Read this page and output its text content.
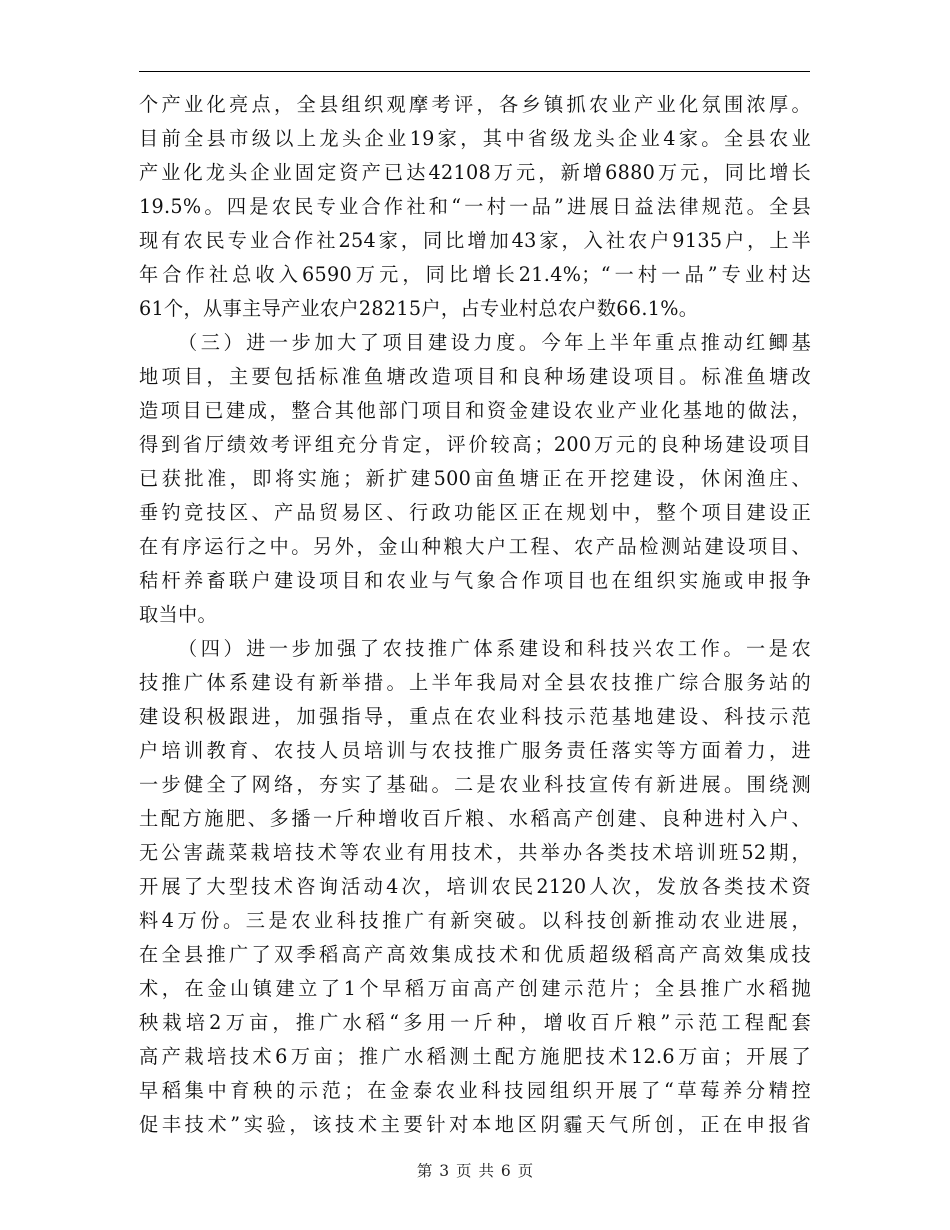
个产业化亮点，全县组织观摩考评，各乡镇抓农业产业化氛围浓厚。
目前全县市级以上龙头企业19家，其中省级龙头企业4家。全县农业
产业化龙头企业固定资产已达42108万元，新增6880万元，同比增长
19.5%。四是农民专业合作社和“一村一品”进展日益法律规范。全县
现有农民专业合作社254家，同比增加43家，入社农户9135户，上半
年合作社总收入6590万元，同比增长21.4%；“一村一品”专业村达
61个，从事主导产业农户28215户，占专业村总农户数66.1%。
（三）进一步加大了项目建设力度。今年上半年重点推动红鲫基
地项目，主要包括标准鱼塘改造项目和良种场建设项目。标准鱼塘改
造项目已建成，整合其他部门项目和资金建设农业产业化基地的做法，
得到省厅绩效考评组充分肯定，评价较高；200万元的良种场建设项目
已获批准，即将实施；新扩建500亩鱼塘正在开挖建设，休闲渔庄、
垂钓竞技区、产品贸易区、行政功能区正在规划中，整个项目建设正
在有序运行之中。另外，金山种粮大户工程、农产品检测站建设项目、
秸杆养畜联户建设项目和农业与气象合作项目也在组织实施或申报争
取当中。
（四）进一步加强了农技推广体系建设和科技兴农工作。一是农
技推广体系建设有新举措。上半年我局对全县农技推广综合服务站的
建设积极跟进，加强指导，重点在农业科技示范基地建设、科技示范
户培训教育、农技人员培训与农技推广服务责任落实等方面着力，进
一步健全了网络，夯实了基础。二是农业科技宣传有新进展。围绕测
土配方施肥、多播一斤种增收百斤粮、水稻高产创建、良种进村入户、
无公害蔬菜栽培技术等农业有用技术，共举办各类技术培训班52期，
开展了大型技术咨询活动4次，培训农民2120人次，发放各类技术资
料4万份。三是农业科技推广有新突破。以科技创新推动农业进展，
在全县推广了双季稻高产高效集成技术和优质超级稻高产高效集成技
术，在金山镇建立了1个早稻万亩高产创建示范片；全县推广水稻抛
秧栽培2万亩，推广水稻“多用一斤种，增收百斤粮”示范工程配套
高产栽培技术6万亩；推广水稻测土配方施肥技术12.6万亩；开展了
早稻集中育秧的示范；在金泰农业科技园组织开展了“草莓养分精控
促丰技术”实验，该技术主要针对本地区阴霾天气所创，正在申报省
第 3 页 共 6 页
